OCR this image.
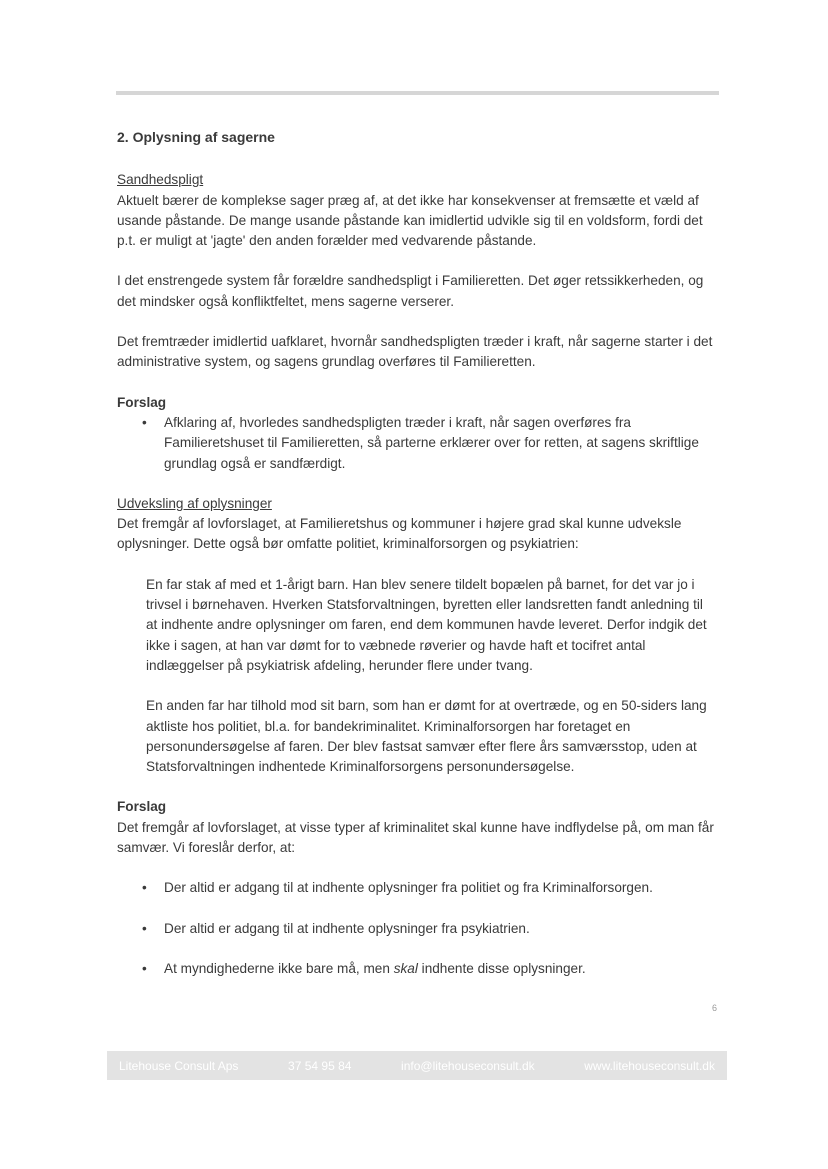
2. Oplysning af sagerne

Sandhedspligt

Aktuelt bærer de komplekse sager præg af, at det ikke har konsekvenser at fremsætte et væld af usande påstande. De mange usande påstande kan imidlertid udvikle sig til en voldsform, fordi det p.t. er muligt at 'jagte' den anden forælder med vedvarende påstande.

I det enstrengede system får forældre sandhedspligt i Familieretten. Det øger retssikkerheden, og det mindsker også konfliktfeltet, mens sagerne verserer.

Det fremtræder imidlertid uafklaret, hvornår sandhedspligten træder i kraft, når sagerne starter i det administrative system, og sagens grundlag overføres til Familieretten.

Forslag

• Afklaring af, hvorledes sandhedspligten træder i kraft, når sagen overføres fra Familieretshuset til Familieretten, så parterne erklærer over for retten, at sagens skriftlige grundlag også er sandfærdigt.

Udveksling af oplysninger

Det fremgår af lovforslaget, at Familieretshus og kommuner i højere grad skal kunne udveksle oplysninger. Dette også bør omfatte politiet, kriminalforsorgen og psykiatrien:

En far stak af med et 1-årigt barn. Han blev senere tildelt bopælen på barnet, for det var jo i trivsel i børnehaven. Hverken Statsforvaltningen, byretten eller landsretten fandt anledning til at indhente andre oplysninger om faren, end dem kommunen havde leveret. Derfor indgik det ikke i sagen, at han var dømt for to væbnede røverier og havde haft et tocifret antal indlæggelser på psykiatrisk afdeling, herunder flere under tvang.

En anden far har tilhold mod sit barn, som han er dømt for at overtræde, og en 50-siders lang aktliste hos politiet, bl.a. for bandekriminalitet. Kriminalforsorgen har foretaget en personundersøgelse af faren. Der blev fastsat samvær efter flere års samværsstop, uden at Statsforvaltningen indhentede Kriminalforsorgens personundersøgelse.

Forslag

Det fremgår af lovforslaget, at visse typer af kriminalitet skal kunne have indflydelse på, om man får samvær. Vi foreslår derfor, at:

• Der altid er adgang til at indhente oplysninger fra politiet og fra Kriminalforsorgen.
• Der altid er adgang til at indhente oplysninger fra psykiatrien.
• At myndighederne ikke bare må, men skal indhente disse oplysninger.
6
Litehouse Consult Aps	37 54 95 84	info@litehouseconsult.dk	www.litehouseconsult.dk
